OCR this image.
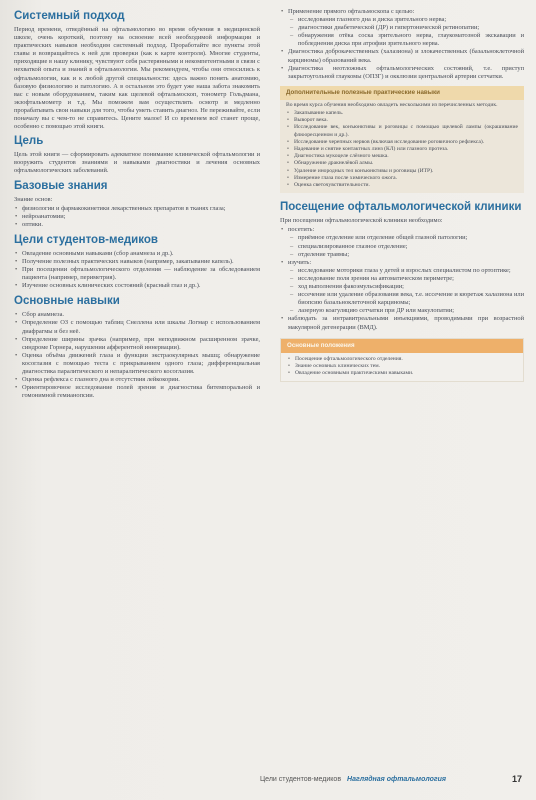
Системный подход

Период времени, отведённый на офтальмологию во время обучения в медицинской школе, очень короткий, поэтому на освоение всей необходимой информации и практических навыков необходим системный подход. Проработайте все пункты этой главы и возвращайтесь к ней для проверки (как к карте контроля). Многие студенты, приходящие в нашу клинику, чувствуют себя растерянными и некомпетентными в связи с нехваткой опыта и знаний в офтальмологии. Мы рекомендуем, чтобы они относились к офтальмологии, как и к любой другой специальности: здесь важно понять анатомию, базовую физиологию и патологию. А в остальном это будет уже наша забота знакомить вас с новым оборудованием, таким как щелевой офтальмоскоп, тонометр Гольдмана, экзофтальмометр и т.д. Мы поможем вам осуществлять осмотр и медленно прорабатывать свои навыки для того, чтобы уметь ставить диагноз. Не переживайте, если поначалу вы с чем-то не справитесь. Цените малое! И со временем всё станет проще, особенно с помощью этой книги.

Цель

Цель этой книги — сформировать адекватное понимание клинической офтальмологии и вооружить студентов знаниями и навыками диагностики и лечения основных офтальмологических заболеваний.

Базовые знания
Знание основ:
• физиологии и фармакокинетики лекарственных препаратов в тканях глаза;
• нейроанатомии;
• оптики.
Цели студентов-медиков
• Овладение основными навыками (сбор анамнеза и др.).
• Получение полезных практических навыков (например, закапывание капель).
• При посещении офтальмологического отделения — наблюдение за обследованием пациента (например, периметрия).
• Изучение основных клинических состояний (красный глаз и др.).
Основные навыки
• Сбор анамнеза.
• Определение ОЗ с помощью таблиц Снеллена или шкалы Логмар с использованием диафрагмы и без неё.
• Определение ширины зрачка (например, при неподвижном расширенном зрачке, синдроме Горнера, нарушении афферентной иннервации).
• Оценка объёма движений глаза и функции экстраокулярных мышц; обнаружение косоглазия с помощью теста с прикрыванием одного глаза; дифференциальная диагностика паралитического и непаралитического косоглазия.
• Оценка рефлекса с глазного дна и отсутствия лейкокории.
• Ориентировочное исследование полей зрения и диагностика битемпоральной и гомонимной гемианопсии.
• Применение прямого офтальмоскопа с целью:
– исследования глазного дна и диска зрительного нерва;
– диагностики диабетической (ДР) и гипертонической ретинопатии;
– обнаружения отёка соска зрительного нерва, глаукоматозной экскавации и побледнения диска при атрофии зрительного нерва.
• Диагностика доброкачественных (халазиона) и злокачественных (базальноклеточной карциномы) образований века.
• Диагностика неотложных офтальмологических состояний, т.е. приступ закрытоугольной глаукомы (ОПЗГ) и окклюзии центральной артерии сетчатки.
Дополнительные полезные практические навыки

Во время курса обучения необходимо овладеть несколькими из перечисленных методик.

• Закапывание капель.
• Выворот века.
• Исследование век, конъюнктивы и роговицы с помощью щелевой лампы (окрашивание флюоресцеином и др.).
• Исследование черепных нервов (включая исследование роговичного рефлекса).
• Надевание и снятие контактных линз (КЛ) или глазного протеза.
• Диагностика мукоцеле слёзного мешка.
• Обнаружение дракнелёвой алмы.
• Удаление инородных тел конъюнктивы и роговицы (ИТР).
• Измерение глаза после химического ожога.
• Оценка светочувствительности.
Посещение офтальмологической клиники
При посещении офтальмологической клиники необходимо:
• посетить:
– приёмное отделение или отделение общей глазной патологии;
– специализированное глазное отделение;
– отделение травмы;
• изучить:
– исследование моторики глаза у детей и взрослых специалистом по ортоптике;
– исследование поля зрения на автоматическом периметре;
– ход выполнения факоэмульсификации;
– иссечение или удаление образования века, т.е. иссечение и кюретаж халазиона или биопсию базальноклеточной карциномы;
– лазерную коагуляцию сетчатки при ДР или макулопатии;
• наблюдать за интравитреальными инъекциями, проводимыми при возрастной макулярной дегенерации (ВМД).
Основные положения
• Посещение офтальмологического отделения.
• Знание основных клинических тем.
• Овладение основными практическими навыками.
Цели студентов-медиков Наглядная офтальмология	17
